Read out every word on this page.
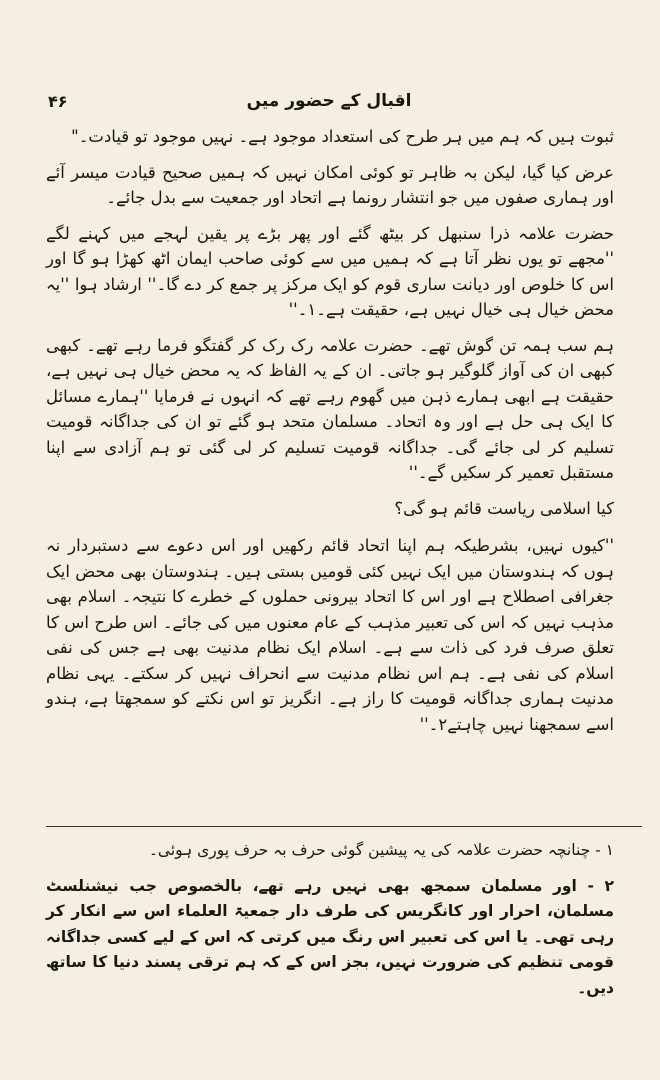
۴۶	اقبال کے حضور میں

ثبوت ہیں کہ ہم میں ہر طرح کی استعداد موجود ہے۔ نہیں موجود تو قیادت۔"

عرض کیا گیا، لیکن بہ ظاہر تو کوئی امکان نہیں کہ ہمیں صحیح قیادت میسر آئے اور ہماری صفوں میں جو انتشار رونما ہے اتحاد اور جمعیت سے بدل جائے۔

حضرت علامہ ذرا سنبھل کر بیٹھ گئے اور پھر بڑے پر یقین لہجے میں کہنے لگے ''مجھے تو یوں نظر آتا ہے کہ ہمیں میں سے کوئی صاحب ایمان اٹھ کھڑا ہو گا اور اس کا خلوص اور دیانت ساری قوم کو ایک مرکز پر جمع کر دے گا۔'' ارشاد ہوا ''یہ محض خیال ہی خیال نہیں ہے، حقیقت ہے۔۱۔''

ہم سب ہمہ تن گوش تھے۔ حضرت علامہ رک رک کر گفتگو فرما رہے تھے۔ کبھی کبھی ان کی آواز گلوگیر ہو جاتی۔ ان کے یہ الفاظ کہ یہ محض خیال ہی نہیں ہے، حقیقت ہے ابھی ہمارے ذہن میں گھوم رہے تھے کہ انہوں نے فرمایا ''ہمارے مسائل کا ایک ہی حل ہے اور وہ اتحاد۔ مسلمان متحد ہو گئے تو ان کی جداگانہ قومیت تسلیم کر لی جائے گی۔ جداگانہ قومیت تسلیم کر لی گئی تو ہم آزادی سے اپنا مستقبل تعمیر کر سکیں گے۔''

کیا اسلامی ریاست قائم ہو گی؟

''کیوں نہیں، بشرطیکہ ہم اپنا اتحاد قائم رکھیں اور اس دعوے سے دستبردار نہ ہوں کہ ہندوستان میں ایک نہیں کئی قومیں بستی ہیں۔ ہندوستان بھی محض ایک جغرافی اصطلاح ہے اور اس کا اتحاد بیرونی حملوں کے خطرے کا نتیجہ۔ اسلام بھی مذہب نہیں کہ اس کی تعبیر مذہب کے عام معنوں میں کی جائے۔ اس طرح اس کا تعلق صرف فرد کی ذات سے ہے۔ اسلام ایک نظام مدنیت بھی ہے جس کی نفی اسلام کی نفی ہے۔ ہم اس نظام مدنیت سے انحراف نہیں کر سکتے۔ یہی نظام مدنیت ہماری جداگانہ قومیت کا راز ہے۔ انگریز تو اس نکتے کو سمجھتا ہے، ہندو اسے سمجھنا نہیں چاہتے۲۔''

۱ - چنانچہ حضرت علامہ کی یہ پیشین گوئی حرف بہ حرف پوری ہوئی۔

۲ - اور مسلمان سمجھ بھی نہیں رہے تھے، بالخصوص جب نیشنلسٹ مسلمان، احرار اور کانگریس کی طرف دار جمعیۃ العلماء اس سے انکار کر رہی تھی۔ یا اس کی تعبیر اس رنگ میں کرتی کہ اس کے لیے کسی جداگانہ قومی تنظیم کی ضرورت نہیں، بجز اس کے کہ ہم ترقی پسند دنیا کا ساتھ دیں۔
